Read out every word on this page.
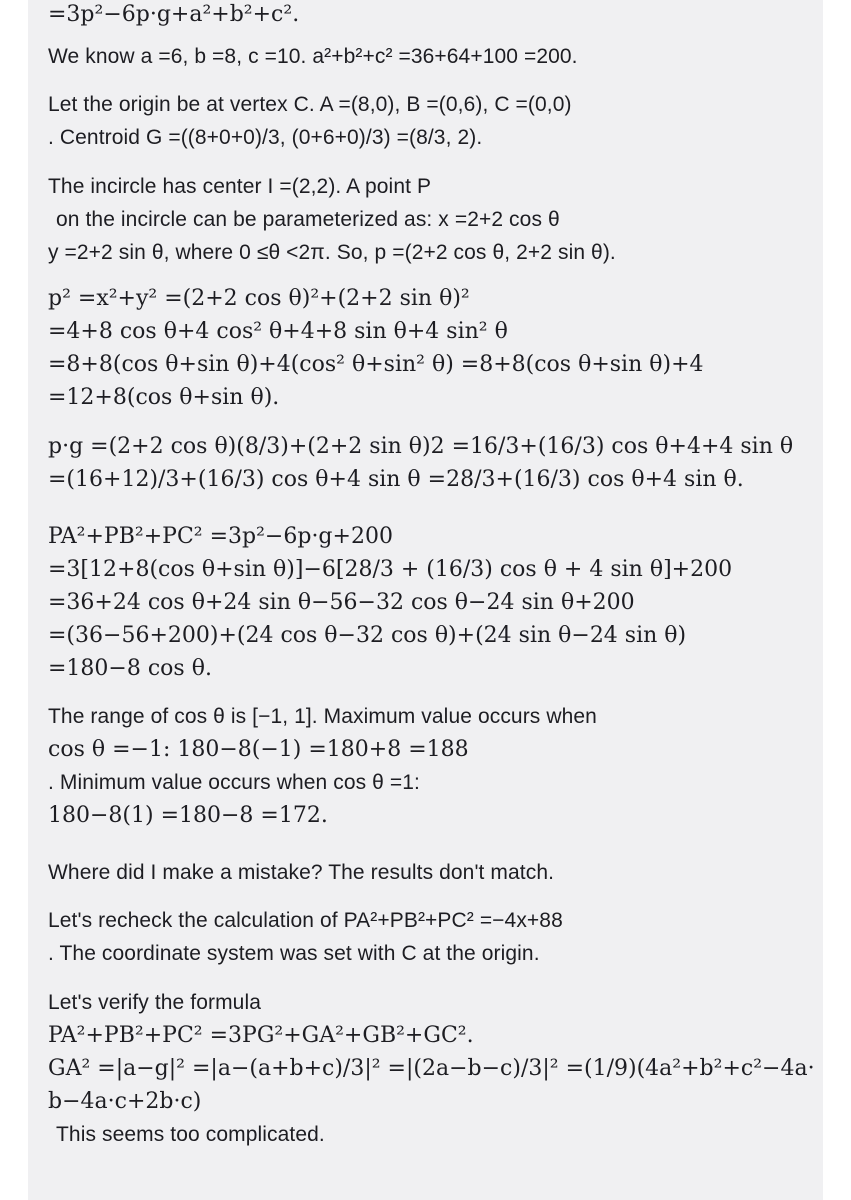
=3p²−6p·g+a²+b²+c².
We know a =6, b =8, c =10. a²+b²+c² =36+64+100 =200.
Let the origin be at vertex C. A =(8,0), B =(0,6), C =(0,0)
. Centroid G =((8+0+0)/3, (0+6+0)/3) =(8/3, 2).
The incircle has center I =(2,2). A point P
on the incircle can be parameterized as: x =2+2 cos θ
y =2+2 sin θ, where 0 ≤θ <2π. So, p =(2+2 cos θ, 2+2 sin θ).
p² =x²+y² =(2+2 cos θ)²+(2+2 sin θ)²
=4+8 cos θ+4 cos² θ+4+8 sin θ+4 sin² θ
=8+8(cos θ+sin θ)+4(cos² θ+sin² θ) =8+8(cos θ+sin θ)+4
=12+8(cos θ+sin θ).
p·g =(2+2 cos θ)(8/3)+(2+2 sin θ)2 =16/3+(16/3) cos θ+4+4 sin θ
=(16+12)/3+(16/3) cos θ+4 sin θ =28/3+(16/3) cos θ+4 sin θ.
PA²+PB²+PC² =3p²−6p·g+200
=3[12+8(cos θ+sin θ)]−6[28/3 + (16/3) cos θ + 4 sin θ]+200
=36+24 cos θ+24 sin θ−56−32 cos θ−24 sin θ+200
=(36−56+200)+(24 cos θ−32 cos θ)+(24 sin θ−24 sin θ)
=180−8 cos θ.
The range of cos θ is [−1, 1]. Maximum value occurs when
cos θ =−1: 180−8(−1) =180+8 =188
. Minimum value occurs when cos θ =1:
180−8(1) =180−8 =172.
Where did I make a mistake? The results don't match.
Let's recheck the calculation of PA²+PB²+PC² =−4x+88
. The coordinate system was set with C at the origin.
Let's verify the formula
PA²+PB²+PC² =3PG²+GA²+GB²+GC².
GA² =|a−g|² =|a−(a+b+c)/3|² =|(2a−b−c)/3|² =(1/9)(4a²+b²+c²−4a·
b−4a·c+2b·c)
This seems too complicated.
